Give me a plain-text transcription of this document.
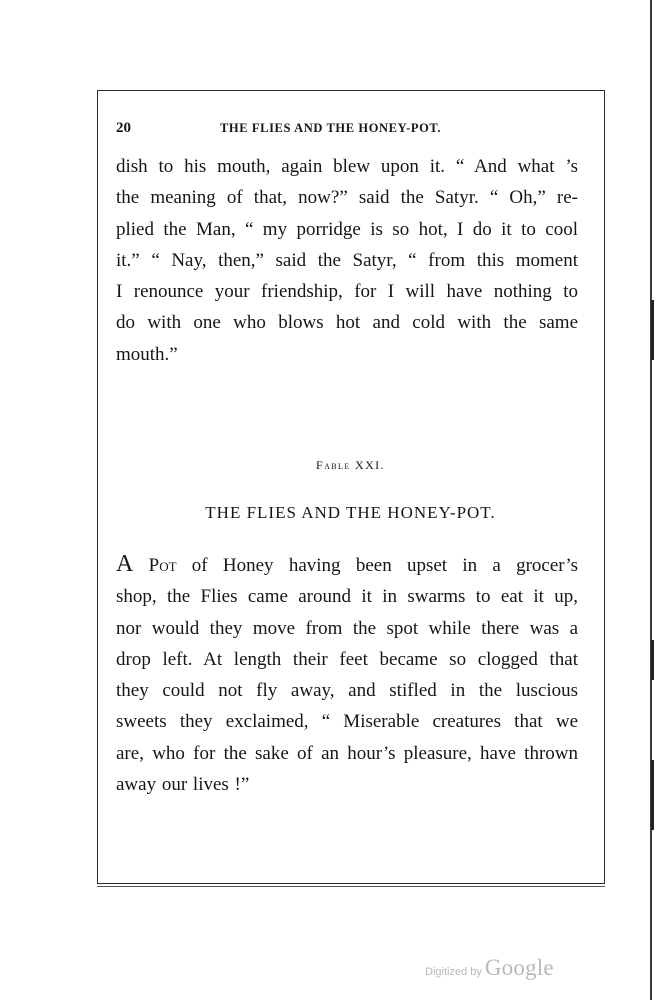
20	THE FLIES AND THE HONEY-POT.
dish to his mouth, again blew upon it. “ And what ’s
the meaning of that, now?” said the Satyr. “ Oh,” re-
plied the Man, “ my porridge is so hot, I do it to cool
it.” “ Nay, then,” said the Satyr, “ from this moment
I renounce your friendship, for I will have nothing to
do with one who blows hot and cold with the same
mouth.”
Fable XXI.
THE FLIES AND THE HONEY-POT.
A Pot of Honey having been upset in a grocer’s
shop, the Flies came around it in swarms to eat it up,
nor would they move from the spot while there was a
drop left. At length their feet became so clogged that
they could not fly away, and stifled in the luscious
sweets they exclaimed, “ Miserable creatures that we
are, who for the sake of an hour’s pleasure, have thrown
away our lives !”
Digitized by Google
